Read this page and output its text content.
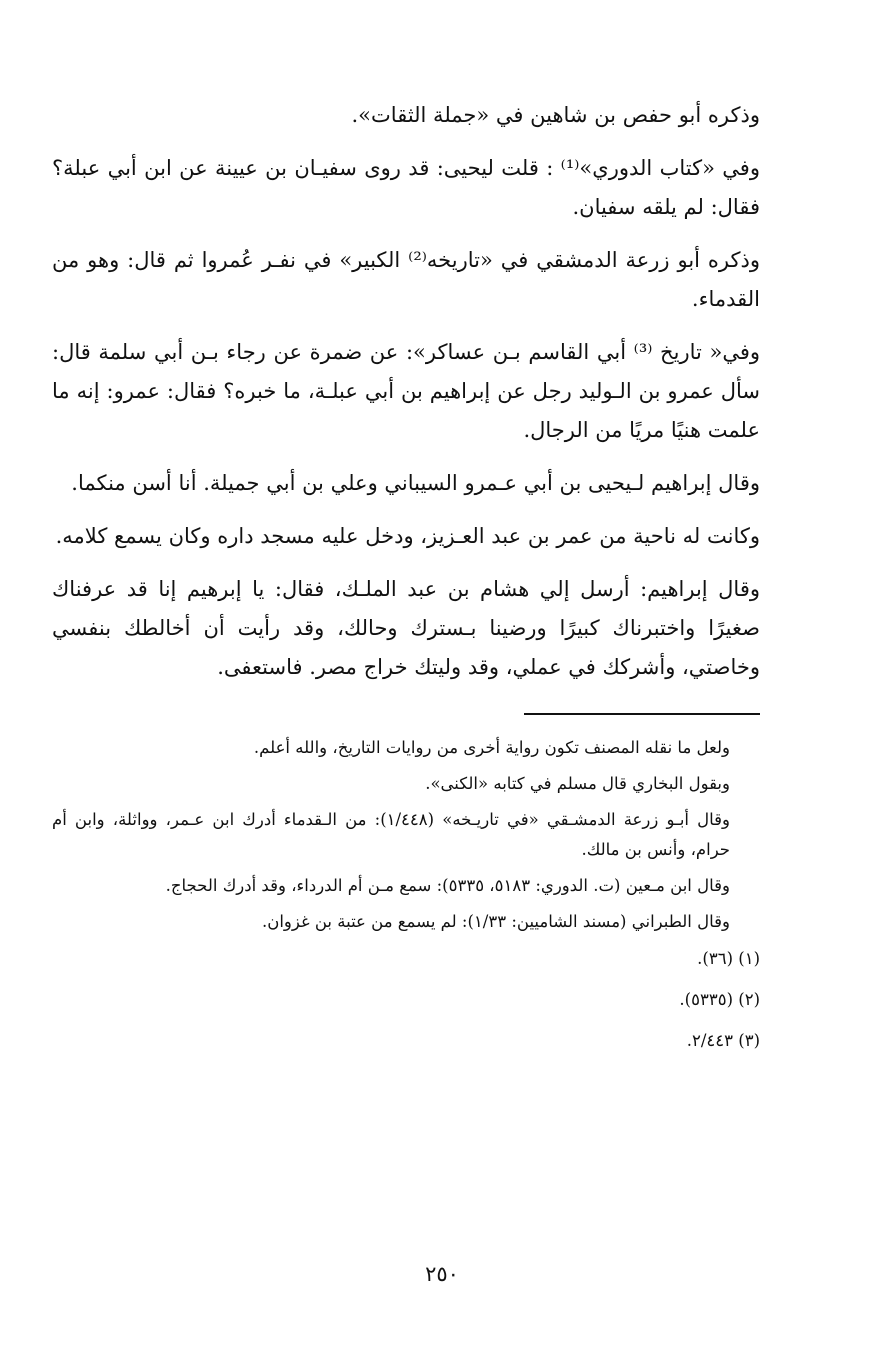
وذكره أبو حفص بن شاهين في «جملة الثقات».

وفي «كتاب الدوري»⁽¹⁾ : قلت ليحيى: قد روى سفيـان بن عيينة عن ابن أبي عبلة؟ فقال: لم يلقه سفيان.

وذكره أبو زرعة الدمشقي في «تاريخه⁽²⁾ الكبير» في نفـر عُمروا ثم قال: وهو من القدماء.

وفي« تاريخ ⁽³⁾ أبي القاسم بـن عساكر»: عن ضمرة عن رجاء بـن أبي سلمة قال: سأل عمرو بن الـوليد رجل عن إبراهيم بن أبي عبلـة، ما خبره؟ فقال: عمرو: إنه ما علمت هنيًا مريًا من الرجال.

وقال إبراهيم لـيحيى بن أبي عـمرو السيباني وعلي بن أبي جميلة. أنا أسن منكما.

وكانت له ناحية من عمر بن عبد العـزيز، ودخل عليه مسجد داره وكان يسمع كلامه.

وقال إبراهيم: أرسل إلي هشام بن عبد الملـك، فقال: يا إبرهيم إنا قد عرفناك صغيرًا واختبرناك كبيرًا ورضينا بـسترك وحالك، وقد رأيت أن أخالطك بنفسي وخاصتي، وأشركك في عملي، وقد وليتك خراج مصر. فاستعفى.

ولعل ما نقله المصنف تكون رواية أخرى من روايات التاريخ، والله أعلم.

وبقول البخاري قال مسلم في كتابه «الكنى».

وقال أبـو زرعة الدمشـقي «في تاريـخه» (١/٤٤٨): من الـقدماء أدرك ابن عـمر، وواثلة، وابن أم حرام، وأنس بن مالك.

وقال ابن مـعين (ت. الدوري: ٥١٨٣، ٥٣٣٥): سمع مـن أم الدرداء، وقد أدرك الحجاج.

وقال الطبراني (مسند الشاميين: ١/٣٣): لم يسمع من عتبة بن غزوان.

(١) (٣٦).
(٢) (٥٣٣٥).
(٣) ٢/٤٤٣.
٢٥٠
